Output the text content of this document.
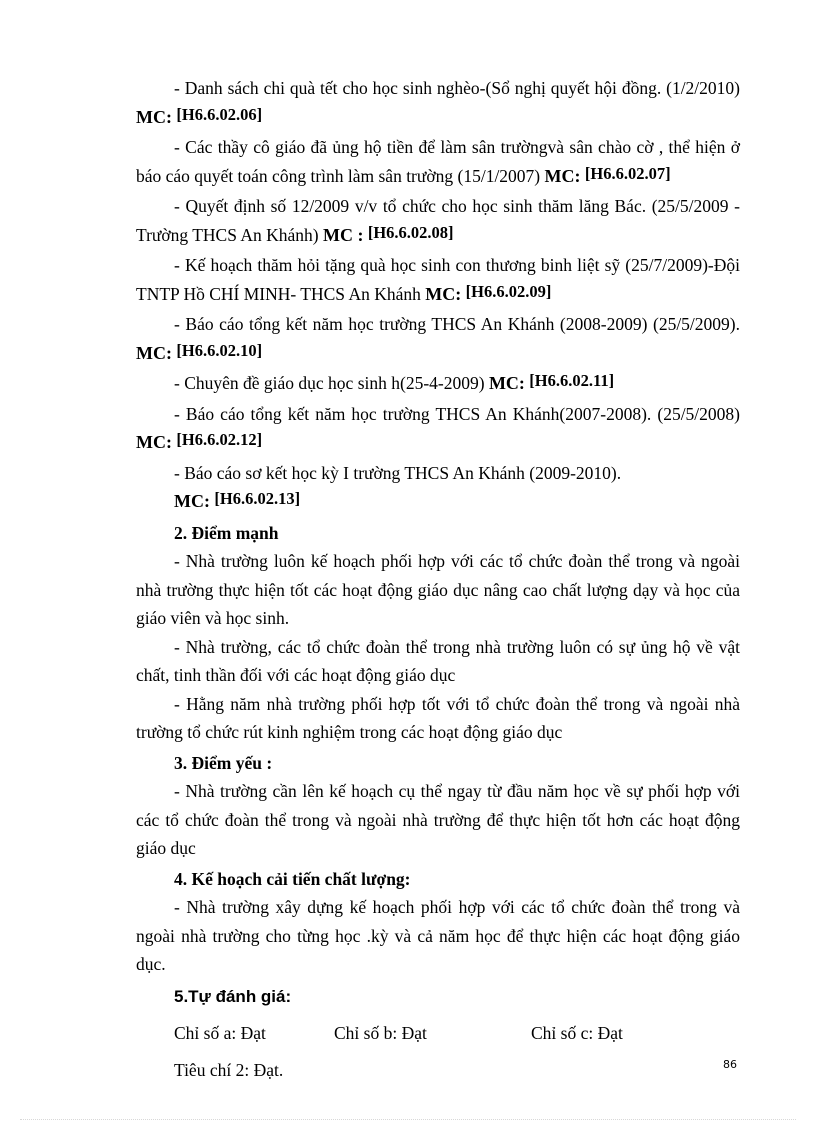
- Danh sách chi quà tết cho học sinh nghèo-(Sổ nghị quyết hội đồng. (1/2/2010) MC: [H6.6.02.06]

- Các thầy cô giáo đã ủng hộ tiền để làm sân trườngvà sân chào cờ , thể hiện ở báo cáo quyết toán công trình làm sân trường (15/1/2007) MC: [H6.6.02.07]

- Quyết định số 12/2009 v/v tổ chức cho học sinh thăm lăng Bác. (25/5/2009 - Trường THCS An Khánh) MC : [H6.6.02.08]

- Kế hoạch thăm hỏi tặng quà học sinh con thương binh liệt sỹ (25/7/2009)-Đội TNTP Hồ CHÍ MINH- THCS An Khánh MC: [H6.6.02.09]

- Báo cáo tổng kết năm học trường THCS An Khánh (2008-2009) (25/5/2009). MC: [H6.6.02.10]

- Chuyên đề giáo dục học sinh h(25-4-2009) MC: [H6.6.02.11]

- Báo cáo tổng kết năm học trường THCS An Khánh(2007-2008). (25/5/2008) MC: [H6.6.02.12]

- Báo cáo sơ kết học kỳ I trường THCS An Khánh (2009-2010).

MC: [H6.6.02.13]

2. Điểm mạnh

- Nhà trường luôn kế hoạch phối hợp với các tổ chức đoàn thể trong và ngoài nhà trường thực hiện tốt các hoạt động giáo dục nâng cao chất lượng dạy và học của giáo viên và học sinh.

- Nhà trường, các tổ chức đoàn thể trong nhà trường luôn có sự ủng hộ về vật chất, tinh thần đối với các hoạt động giáo dục

- Hằng năm nhà trường phối hợp tốt với tổ chức đoàn thể trong và ngoài nhà trường tổ chức rút kinh nghiệm trong các hoạt động giáo dục

3. Điểm yếu :

- Nhà trường cần lên kế hoạch cụ thể ngay từ đầu năm học về sự phối hợp với các tổ chức đoàn thể trong và ngoài nhà trường để thực hiện tốt hơn các hoạt động giáo dục

4. Kế hoạch cải tiến chất lượng:

- Nhà trường xây dựng kế hoạch phối hợp với các tổ chức đoàn thể trong và ngoài nhà trường cho từng học .kỳ và cả năm học để thực hiện các hoạt động giáo dục.

5.Tự đánh giá:

Chỉ số a: Đạt	Chỉ số b: Đạt	Chỉ số c: Đạt

Tiêu chí 2: Đạt.	86
